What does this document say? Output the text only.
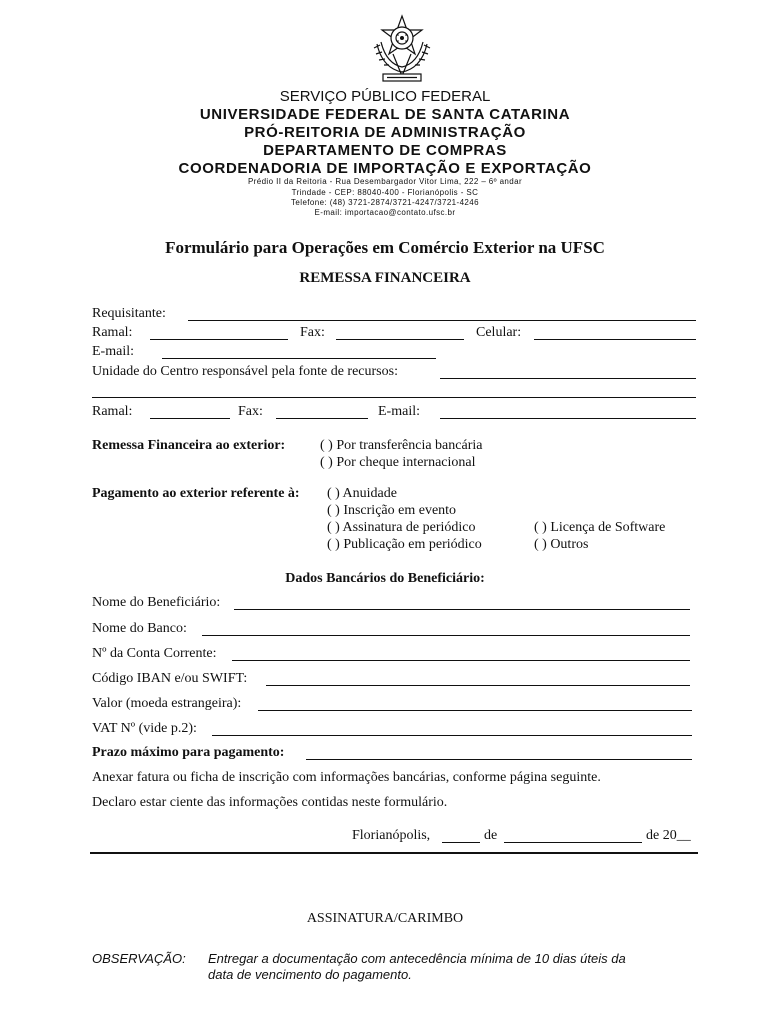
SERVIÇO PÚBLICO FEDERAL
UNIVERSIDADE FEDERAL DE SANTA CATARINA
PRÓ-REITORIA DE ADMINISTRAÇÃO
DEPARTAMENTO DE COMPRAS
COORDENADORIA DE IMPORTAÇÃO E EXPORTAÇÃO
Prédio II da Reitoria - Rua Desembargador Vitor Lima, 222 – 6º andar
Trindade - CEP: 88040-400 - Florianópolis - SC
Telefone: (48) 3721-2874/3721-4247/3721-4246
E-mail: importacao@contato.ufsc.br
Formulário para Operações em Comércio Exterior na UFSC
REMESSA FINANCEIRA
Requisitante:
Ramal:	Fax:	Celular:
E-mail:
Unidade do Centro responsável pela fonte de recursos:
Ramal:	Fax:	E-mail:
Remessa Financeira ao exterior: ( ) Por transferência bancária
( ) Por cheque internacional
Pagamento ao exterior referente à: ( ) Anuidade
( ) Inscrição em evento
( ) Assinatura de periódico
( ) Publicação em periódico
( ) Licença de Software
( ) Outros
Dados Bancários do Beneficiário:
Nome do Beneficiário:
Nome do Banco:
Nº da Conta Corrente:
Código IBAN e/ou SWIFT:
Valor (moeda estrangeira):
VAT Nº (vide p.2):
Prazo máximo para pagamento:
Anexar fatura ou ficha de inscrição com informações bancárias, conforme página seguinte.
Declaro estar ciente das informações contidas neste formulário.
Florianópolis,	de	de 20__
ASSINATURA/CARIMBO
OBSERVAÇÃO: Entregar a documentação com antecedência mínima de 10 dias úteis da
data de vencimento do pagamento.
